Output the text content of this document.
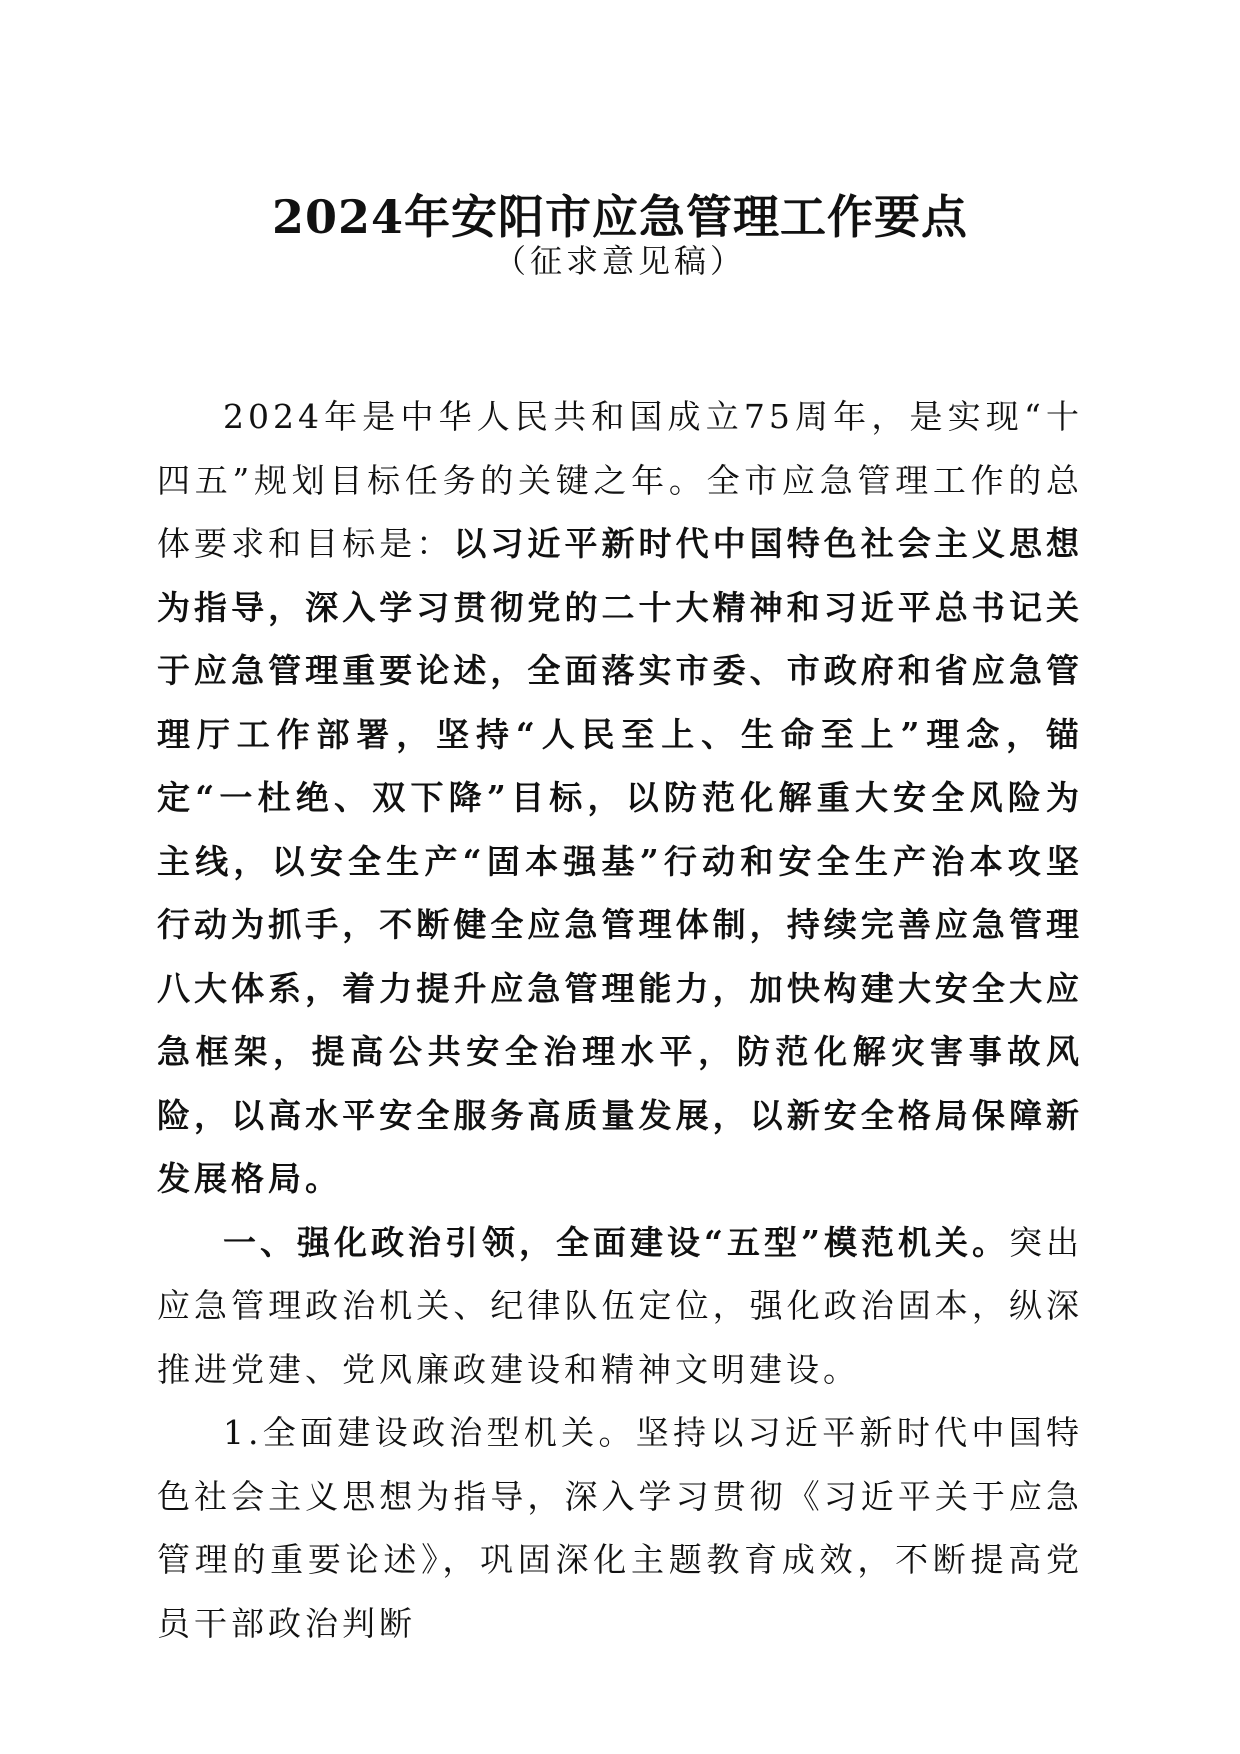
2024年安阳市应急管理工作要点
（征求意见稿）

2024年是中华人民共和国成立75周年，是实现“十四五”规划目标任务的关键之年。全市应急管理工作的总体要求和目标是：以习近平新时代中国特色社会主义思想为指导，深入学习贯彻党的二十大精神和习近平总书记关于应急管理重要论述，全面落实市委、市政府和省应急管理厅工作部署，坚持“人民至上、生命至上”理念，锚定“一杜绝、双下降”目标，以防范化解重大安全风险为主线，以安全生产“固本强基”行动和安全生产治本攻坚行动为抓手，不断健全应急管理体制，持续完善应急管理八大体系，着力提升应急管理能力，加快构建大安全大应急框架，提高公共安全治理水平，防范化解灾害事故风险，以高水平安全服务高质量发展，以新安全格局保障新发展格局。

一、强化政治引领，全面建设“五型”模范机关。突出应急管理政治机关、纪律队伍定位，强化政治固本，纵深推进党建、党风廉政建设和精神文明建设。

1.全面建设政治型机关。坚持以习近平新时代中国特色社会主义思想为指导，深入学习贯彻《习近平关于应急管理的重要论述》，巩固深化主题教育成效，不断提高党员干部政治判断
